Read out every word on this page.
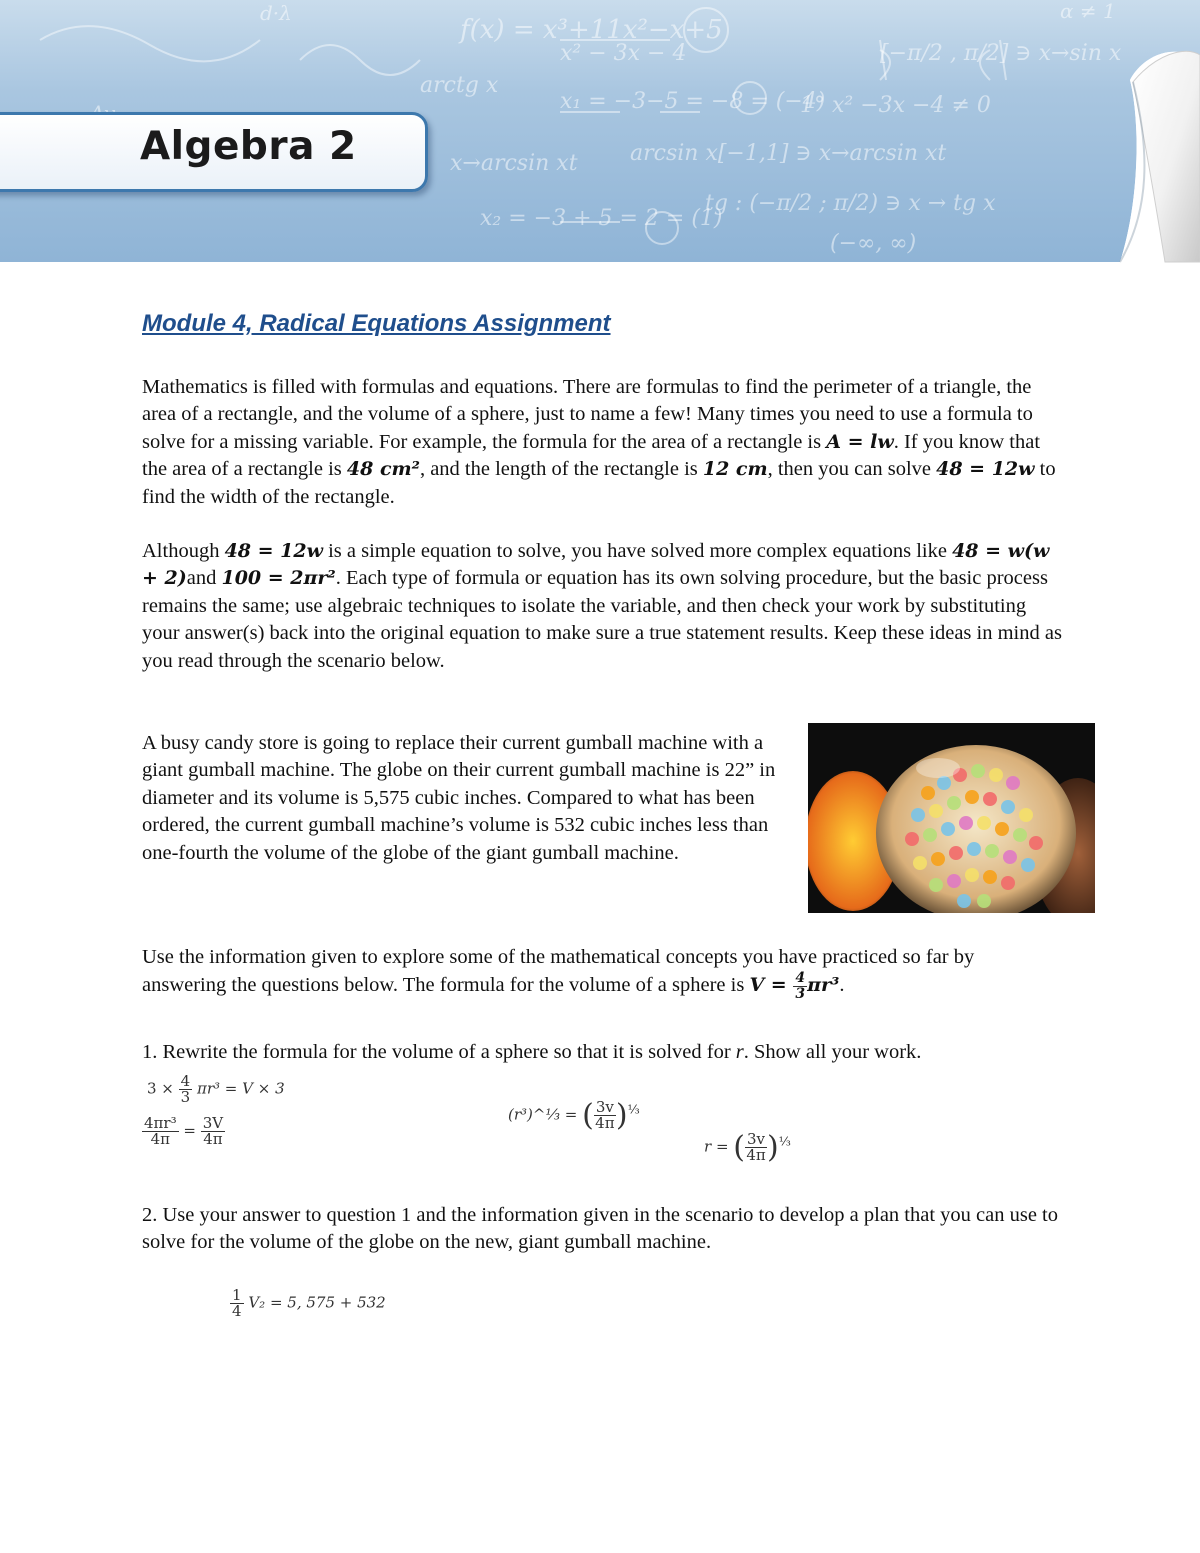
f(x) = x³+11x²−x+5
x² − 3x − 4
arctg x
x₁ = −3−5 = −8 = (−4)
1° x² −3x −4 ≠ 0
x→arcsin xt arcsin x[−1,1] ∋ x→arcsin xt
x₂ = −3 + 5 = 2 = (1)
tg : (−π/2 ; π/2) ∋ x → tg x
(−∞, ∞)
[−π/2 , π/2] ∋ x→sin x
α ≠ 1
d·λ
Algebra 2
Module 4, Radical Equations Assignment
Mathematics is filled with formulas and equations. There are formulas to find the perimeter of a triangle, the area of a rectangle, and the volume of a sphere, just to name a few! Many times you need to use a formula to solve for a missing variable. For example, the formula for the area of a rectangle is A = lw. If you know that the area of a rectangle is 48 cm², and the length of the rectangle is 12 cm, then you can solve 48 = 12w to find the width of the rectangle.
Although 48 = 12w is a simple equation to solve, you have solved more complex equations like 48 = w(w + 2)and 100 = 2πr². Each type of formula or equation has its own solving procedure, but the basic process remains the same; use algebraic techniques to isolate the variable, and then check your work by substituting your answer(s) back into the original equation to make sure a true statement results. Keep these ideas in mind as you read through the scenario below.
A busy candy store is going to replace their current gumball machine with a giant gumball machine. The globe on their current gumball machine is 22” in diameter and its volume is 5,575 cubic inches. Compared to what has been ordered, the current gumball machine’s volume is 532 cubic inches less than one-fourth the volume of the globe of the giant gumball machine.
Use the information given to explore some of the mathematical concepts you have practiced so far by answering the questions below. The formula for the volume of a sphere is $V = \frac{4}{3} \pi r^3$.
1. Rewrite the formula for the volume of a sphere so that it is solved for r. Show all your work.
$3 \times \frac{4}{3} \pi r^3 = V \times 3$
$\frac{\text{4πr³}}{4\pi} = \frac{3V}{4\pi}$
(r³)^⅓ = ( $\frac{3v}{4\pi} )^{\frac{1}{3}}$
r = ( $\frac{3v}{4\pi} )^{\frac{1}{3}}$
2. Use your answer to question 1 and the information given in the scenario to develop a plan that you can use to solve for the volume of the globe on the new, giant gumball machine.
$\frac{1}{4} V_2 = 5$, 575 + 532
